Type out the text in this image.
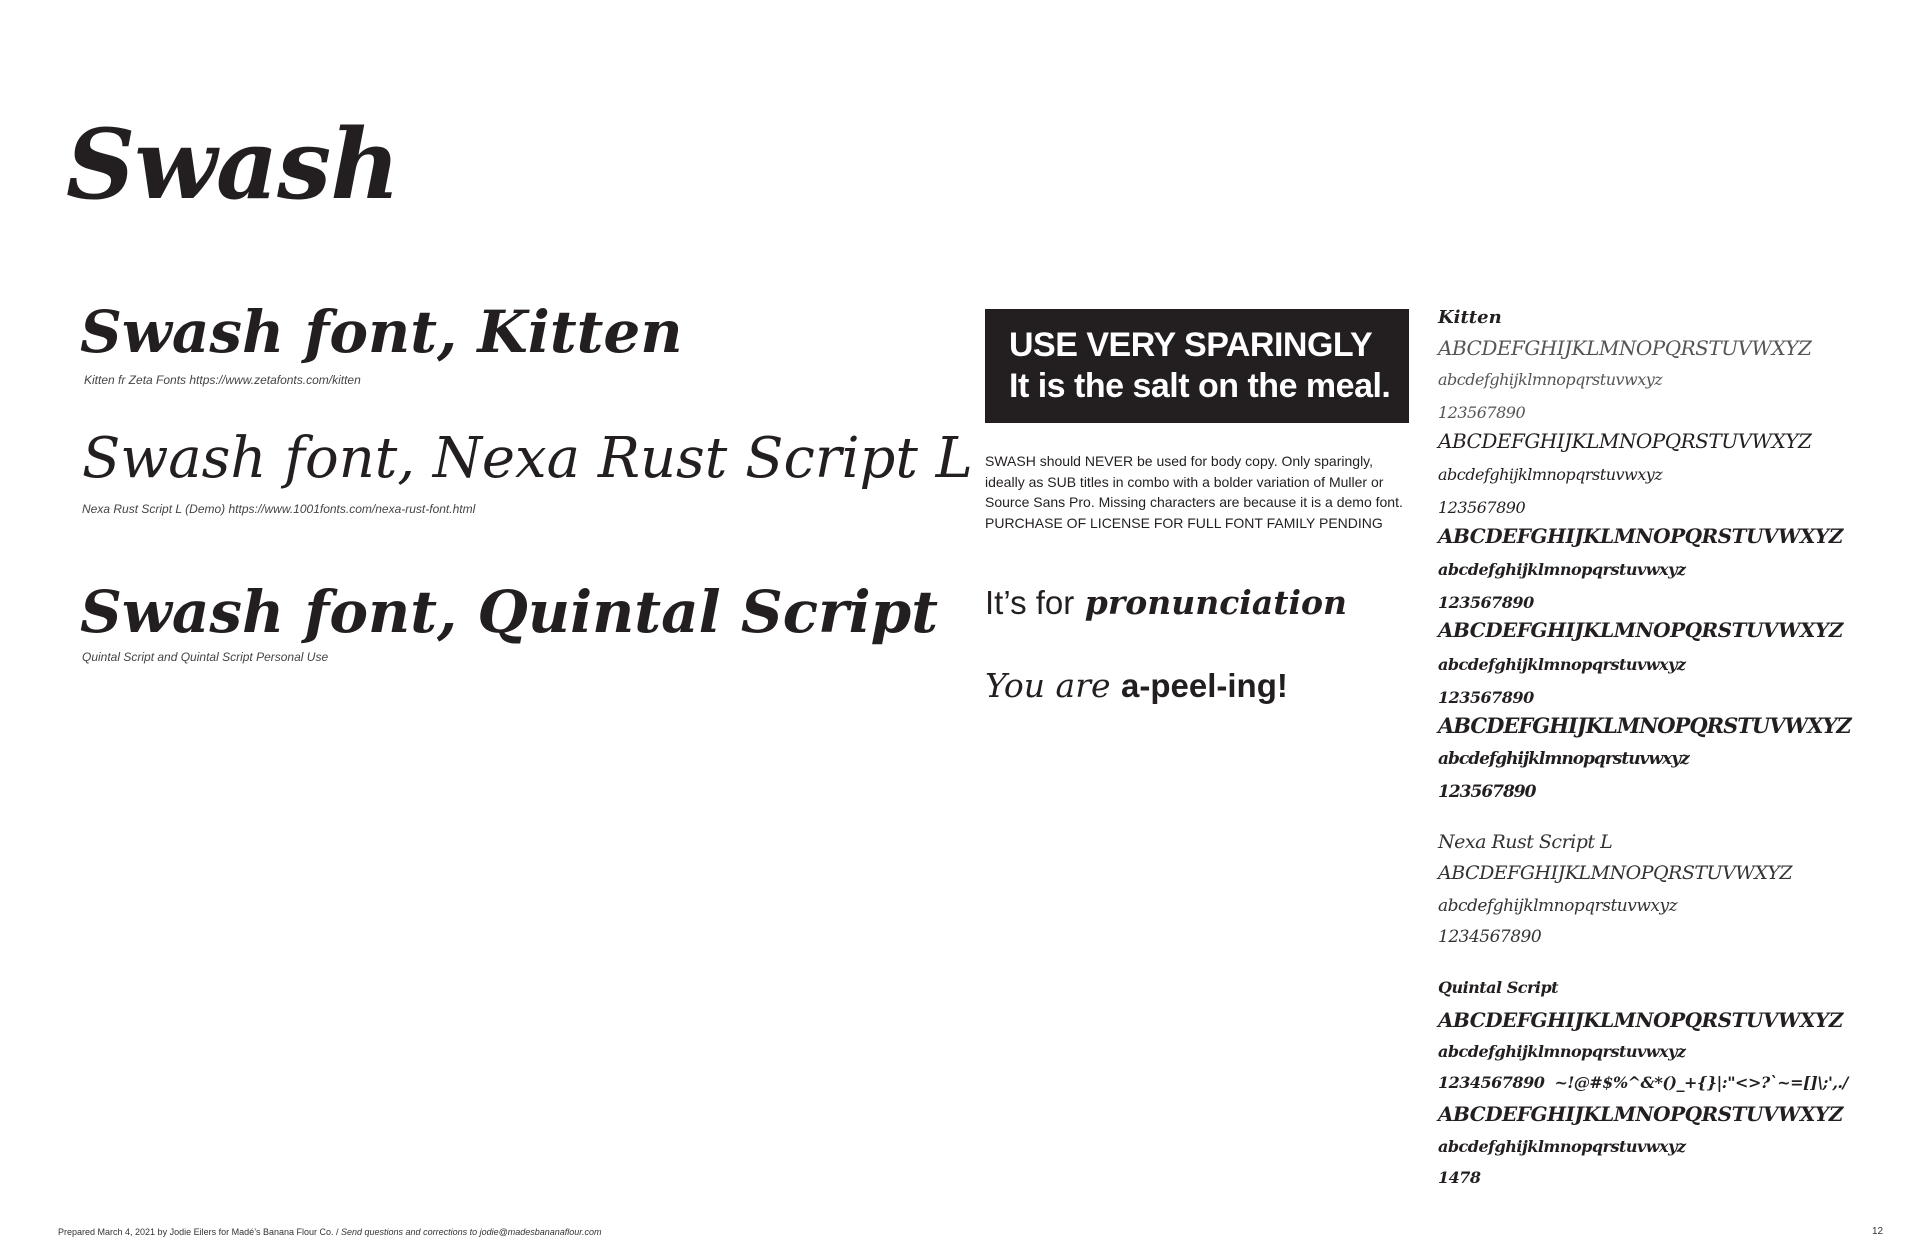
Swash
Swash font, Kitten
Kitten fr Zeta Fonts https://www.zetafonts.com/kitten
Swash font, Nexa Rust Script L
Nexa Rust Script L (Demo) https://www.1001fonts.com/nexa-rust-font.html
Swash font, Quintal Script
Quintal Script and Quintal Script Personal Use
USE VERY SPARINGLY
It is the salt on the meal.
SWASH should NEVER be used for body copy. Only sparingly, ideally as SUB titles in combo with a bolder variation of Muller or Source Sans Pro. Missing characters are because it is a demo font. PURCHASE OF LICENSE FOR FULL FONT FAMILY PENDING
It’s for pronunciation
You are a-peel-ing!
Kitten
ABCDEFGHIJKLMNOPQRSTUVWXYZ
abcdefghijklmnopqrstuvwxyz
123567890
ABCDEFGHIJKLMNOPQRSTUVWXYZ
abcdefghijklmnopqrstuvwxyz
123567890
ABCDEFGHIJKLMNOPQRSTUVWXYZ
abcdefghijklmnopqrstuvwxyz
123567890
ABCDEFGHIJKLMNOPQRSTUVWXYZ
abcdefghijklmnopqrstuvwxyz
123567890
ABCDEFGHIJKLMNOPQRSTUVWXYZ
abcdefghijklmnopqrstuvwxyz
123567890
Nexa Rust Script L
ABCDEFGHIJKLMNOPQRSTUVWXYZ
abcdefghijklmnopqrstuvwxyz
1234567890
Quintal Script
ABCDEFGHIJKLMNOPQRSTUVWXYZ
abcdefghijklmnopqrstuvwxyz
1234567890 ~!@#$%^&*()_+{}|:"<>?`~=[]\;',./
ABCDEFGHIJKLMNOPQRSTUVWXYZ
abcdefghijklmnopqrstuvwxyz
1478
Prepared March 4, 2021 by Jodie Eilers for Madé’s Banana Flour Co. / Send questions and corrections to jodie@madesbananaflour.com	12
